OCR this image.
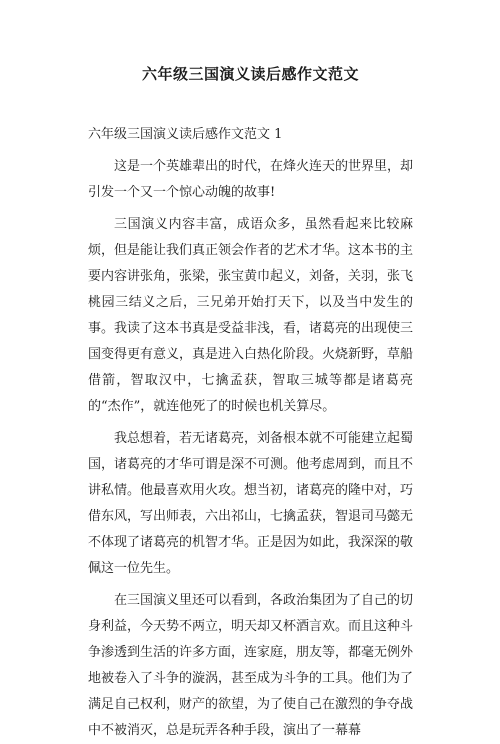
六年级三国演义读后感作文范文

六年级三国演义读后感作文范文 1

这是一个英雄辈出的时代，在烽火连天的世界里，却引发一个又一个惊心动魄的故事!

三国演义内容丰富，成语众多，虽然看起来比较麻烦，但是能让我们真正领会作者的艺术才华。这本书的主要内容讲张角，张梁，张宝黄巾起义，刘备，关羽，张飞桃园三结义之后，三兄弟开始打天下，以及当中发生的事。我读了这本书真是受益非浅，看，诸葛亮的出现使三国变得更有意义，真是进入白热化阶段。火烧新野，草船借箭，智取汉中，七擒孟获，智取三城等都是诸葛亮的“杰作”，就连他死了的时候也机关算尽。

我总想着，若无诸葛亮，刘备根本就不可能建立起蜀国，诸葛亮的才华可谓是深不可测。他考虑周到，而且不讲私情。他最喜欢用火攻。想当初，诸葛亮的隆中对，巧借东风，写出师表，六出祁山，七擒孟获，智退司马懿无不体现了诸葛亮的机智才华。正是因为如此，我深深的敬佩这一位先生。

在三国演义里还可以看到，各政治集团为了自己的切身利益，今天势不两立，明天却又杯酒言欢。而且这种斗争渗透到生活的许多方面，连家庭，朋友等，都毫无例外地被卷入了斗争的漩涡，甚至成为斗争的工具。他们为了满足自己权利，财产的欲望，为了使自己在激烈的争夺战中不被消灭，总是玩弄各种手段，演出了一幕幕
